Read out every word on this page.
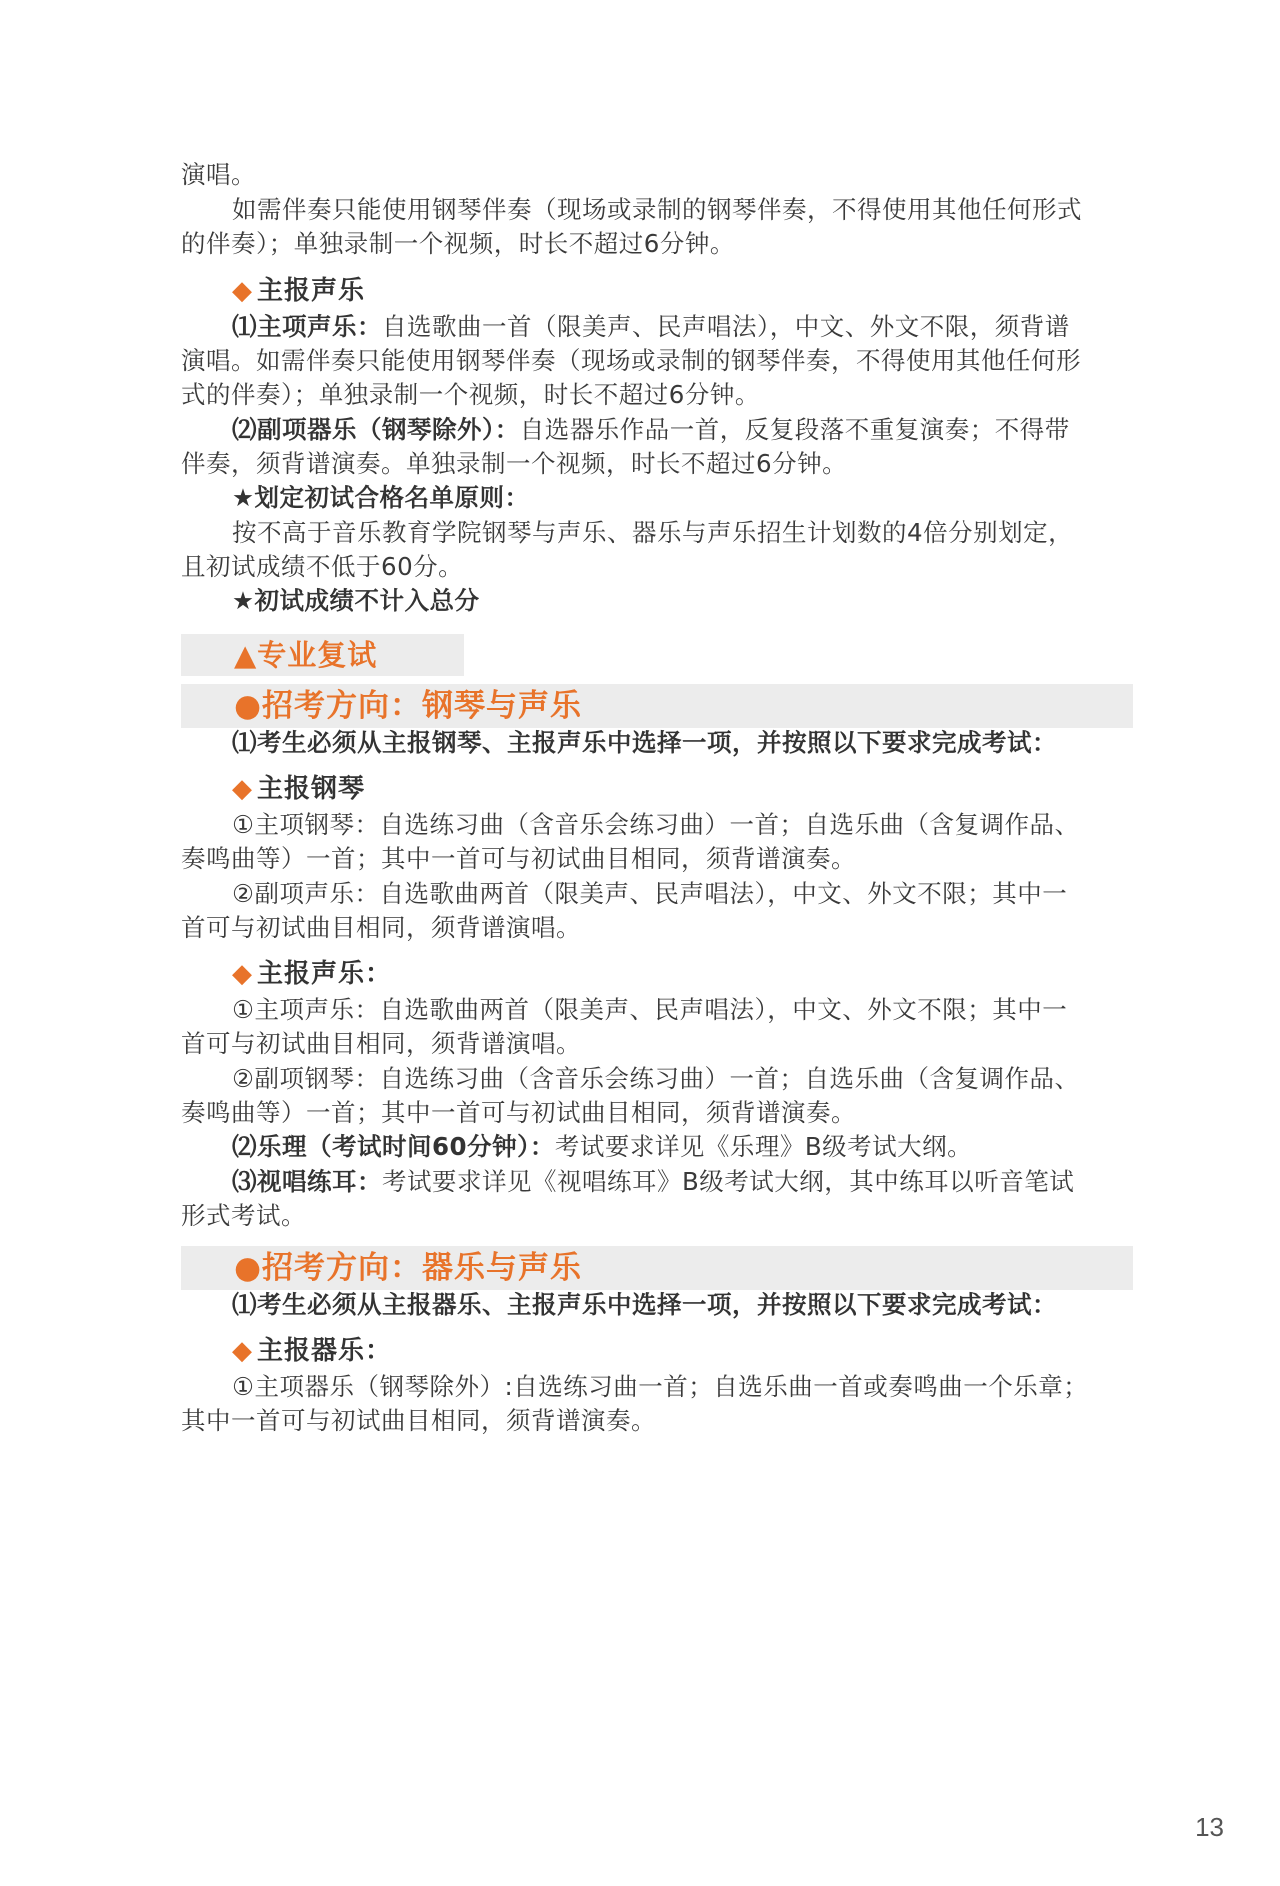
演唱。
如需伴奏只能使用钢琴伴奏（现场或录制的钢琴伴奏，不得使用其他任何形式
的伴奏）；单独录制一个视频，时长不超过6分钟。
◆ 主报声乐
⑴主项声乐：自选歌曲一首（限美声、民声唱法），中文、外文不限，须背谱
演唱。如需伴奏只能使用钢琴伴奏（现场或录制的钢琴伴奏，不得使用其他任何形
式的伴奏）；单独录制一个视频，时长不超过6分钟。
⑵副项器乐（钢琴除外）：自选器乐作品一首，反复段落不重复演奏；不得带
伴奏，须背谱演奏。单独录制一个视频，时长不超过6分钟。
★划定初试合格名单原则：
按不高于音乐教育学院钢琴与声乐、器乐与声乐招生计划数的4倍分别划定，
且初试成绩不低于60分。
★初试成绩不计入总分
▲专业复试
●招考方向：钢琴与声乐
⑴考生必须从主报钢琴、主报声乐中选择一项，并按照以下要求完成考试：
◆ 主报钢琴
①主项钢琴：自选练习曲（含音乐会练习曲）一首；自选乐曲（含复调作品、
奏鸣曲等）一首；其中一首可与初试曲目相同，须背谱演奏。
②副项声乐：自选歌曲两首（限美声、民声唱法），中文、外文不限；其中一
首可与初试曲目相同，须背谱演唱。
◆ 主报声乐：
①主项声乐：自选歌曲两首（限美声、民声唱法），中文、外文不限；其中一
首可与初试曲目相同，须背谱演唱。
②副项钢琴：自选练习曲（含音乐会练习曲）一首；自选乐曲（含复调作品、
奏鸣曲等）一首；其中一首可与初试曲目相同，须背谱演奏。
⑵乐理（考试时间60分钟）：考试要求详见《乐理》B级考试大纲。
⑶视唱练耳：考试要求详见《视唱练耳》B级考试大纲，其中练耳以听音笔试
形式考试。
●招考方向：器乐与声乐
⑴考生必须从主报器乐、主报声乐中选择一项，并按照以下要求完成考试：
◆ 主报器乐：
①主项器乐（钢琴除外）:自选练习曲一首；自选乐曲一首或奏鸣曲一个乐章；
其中一首可与初试曲目相同，须背谱演奏。
13
